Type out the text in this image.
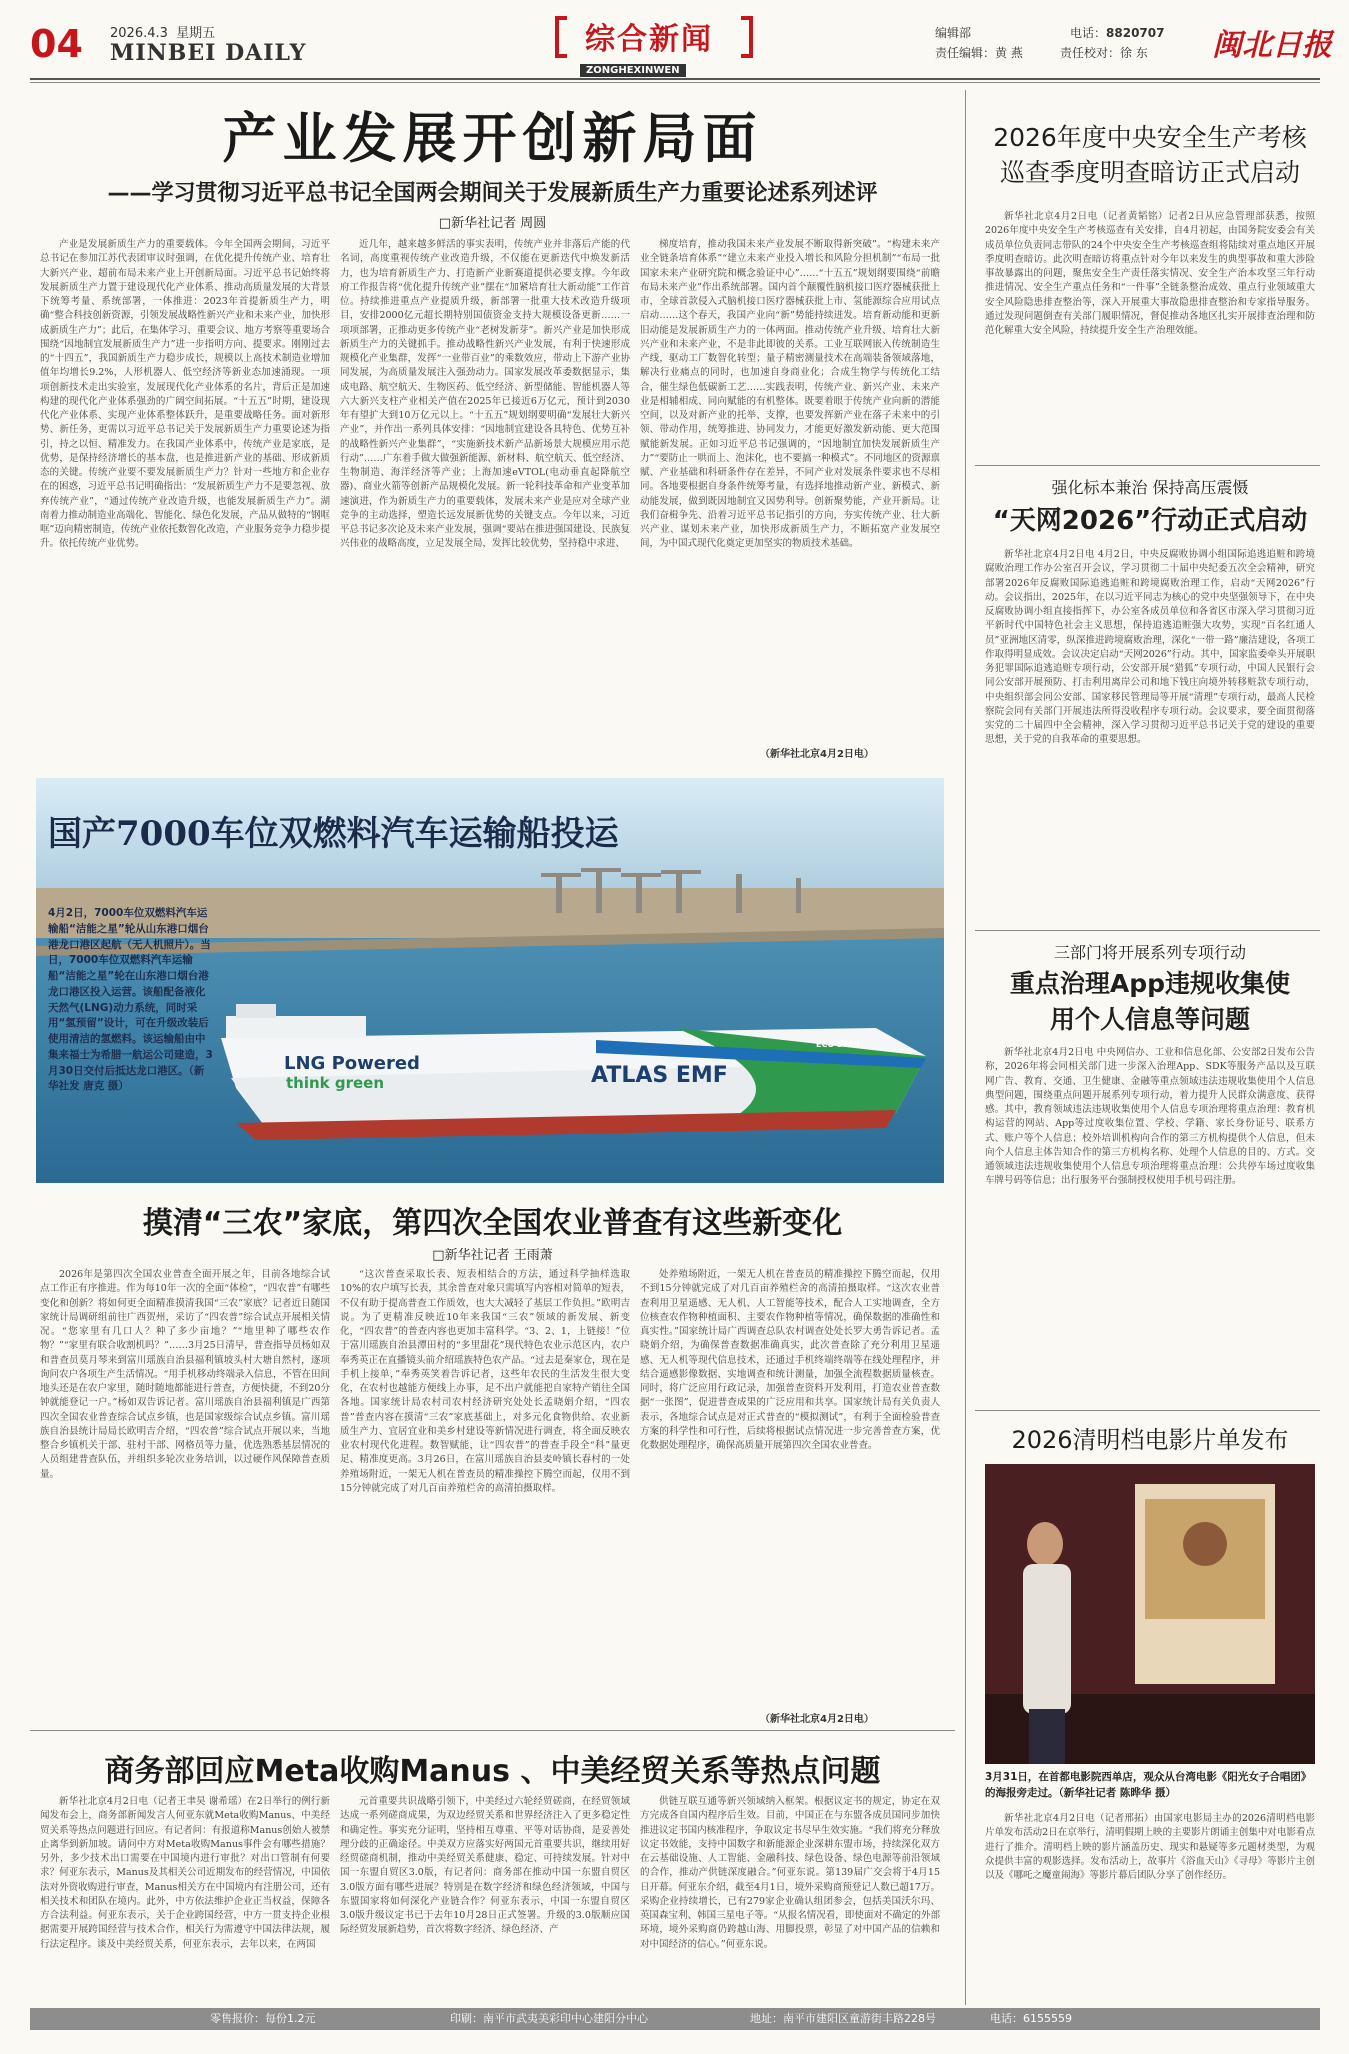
04 2026.4.3 星期五
MINBEI DAILY	综合新闻
ZONGHEXINWEN
编辑部	电话：8820707
责任编辑：黄 燕	责任校对：徐 东 闽北日报
产业发展开创新局面
——学习贯彻习近平总书记全国两会期间关于发展新质生产力重要论述系列述评
□新华社记者 周圆

产业是发展新质生产力的重要载体。今年全国两会期间，习近平总书记在参加江苏代表团审议时强调，在优化提升传统产业、培育壮大新兴产业、超前布局未来产业上开创新局面。习近平总书记始终将发展新质生产力置于建设现代化产业体系、推动高质量发展的大背景下统筹考量、系统部署，一体推进：2023年首提新质生产力，明确“整合科技创新资源，引领发展战略性新兴产业和未来产业，加快形成新质生产力”；此后，在集体学习、重要会议、地方考察等重要场合围绕“因地制宜发展新质生产力”进一步指明方向、提要求。刚刚过去的“十四五”，我国新质生产力稳步成长，规模以上高技术制造业增加值年均增长9.2%，人形机器人、低空经济等新业态加速涌现。一项项创新技术走出实验室，发展现代化产业体系的名片，背后正是加速构建的现代化产业体系强劲的广阔空间拓展。“十五五”时期，建设现代化产业体系、实现产业体系整体跃升，是重要战略任务。面对新形势、新任务，更需以习近平总书记关于发展新质生产力重要论述为指引，持之以恒、精准发力。在我国产业体系中，传统产业是家底，是优势，是保持经济增长的基本盘，也是推进新产业的基础、形成新质态的关键。传统产业要不要发展新质生产力？针对一些地方和企业存在的困惑，习近平总书记明确指出：“发展新质生产力不是要忽视、放弃传统产业”，“通过传统产业改造升级，也能发展新质生产力”。湖南着力推动制造业高端化、智能化、绿色化发展，产品从做特的“钢哐哐”迈向精密制造，传统产业依托数智化改造，产业服务竞争力稳步提升。依托传统产业优势。

近几年，越来越多鲜活的事实表明，传统产业并非落后产能的代名词，高度重视传统产业改造升级，不仅能在更新迭代中焕发新活力，也为培育新质生产力、打造新产业新赛道提供必要支撑。今年政府工作报告将“优化提升传统产业”摆在“加紧培育壮大新动能”工作首位。持续推进重点产业提质升级，新部署一批重大技术改造升级项目，安排2000亿元超长期特别国债资金支持大规模设备更新……一项项部署，正推动更多传统产业“老树发新芽”。新兴产业是加快形成新质生产力的关键抓手。推动战略性新兴产业发展，有利于快速形成规模化产业集群，发挥“一业带百业”的乘数效应，带动上下游产业协同发展，为高质量发展注入强劲动力。国家发展改革委数据显示，集成电路、航空航天、生物医药、低空经济、新型储能、智能机器人等六大新兴支柱产业相关产值在2025年已接近6万亿元，预计到2030年有望扩大到10万亿元以上。“十五五”规划纲要明确“发展壮大新兴产业”，并作出一系列具体安排：“因地制宜建设各具特色、优势互补的战略性新兴产业集群”，“实施新技术新产品新场景大规模应用示范行动”……广东着手做大做强新能源、新材料、航空航天、低空经济、生物制造、海洋经济等产业；上海加速eVTOL(电动垂直起降航空器)、商业火箭等创新产品规模化发展。新一轮科技革命和产业变革加速演进，作为新质生产力的重要载体，发展未来产业是应对全球产业竞争的主动选择，塑造长远发展新优势的关键支点。今年以来，习近平总书记多次论及未来产业发展，强调“要站在推进强国建设、民族复兴伟业的战略高度，立足发展全局，发挥比较优势，坚持稳中求进、

梯度培育，推动我国未来产业发展不断取得新突破”。“构建未来产业全链条培育体系”“建立未来产业投入增长和风险分担机制”“布局一批国家未来产业研究院和概念验证中心”……“十五五”规划纲要围绕“前瞻布局未来产业”作出系统部署。国内首个颠覆性脑机接口医疗器械获批上市，全球首款侵入式脑机接口医疗器械获批上市、氢能源综合应用试点启动……这个春天，我国产业向“新”势能持续迸发。培育新动能和更新旧动能是发展新质生产力的一体两面。推动传统产业升级、培育壮大新兴产业和未来产业，不是非此即彼的关系。工业互联网嵌入传统制造生产线，驱动工厂数智化转型；量子精密测量技术在高端装备领域落地，解决行业痛点的同时，也加速自身商业化；合成生物学与传统化工结合，催生绿色低碳新工艺……实践表明，传统产业、新兴产业、未来产业是相辅相成、同向赋能的有机整体。既要着眼于传统产业向新的潜能空间，以及对新产业的托举、支撑，也要发挥新产业在落子未来中的引领、带动作用，统筹推进、协同发力，才能更好激发新动能、更大范围赋能新发展。正如习近平总书记强调的，“因地制宜加快发展新质生产力”“要防止一哄而上、泡沫化，也不要搞一种模式”。不同地区的资源禀赋、产业基础和科研条件存在差异，不同产业对发展条件要求也不尽相同。各地要根据自身条件统筹考量，有选择地推动新产业、新模式、新动能发展，做到既因地制宜又因势利导。创新聚势能，产业开新局。让我们奋楫争先、沿着习近平总书记指引的方向，夯实传统产业、壮大新兴产业、谋划未来产业，加快形成新质生产力，不断拓宽产业发展空间，为中国式现代化奠定更加坚实的物质技术基础。

（新华社北京4月2日电）
国产7000车位双燃料汽车运输船投运
LNG Powered
think green	ATLAS EMF
ECO STAR
4月2日，7000车位双燃料汽车运输船“洁能之星”轮从山东港口烟台港龙口港区起航（无人机照片）。当日，7000车位双燃料汽车运输船“洁能之星”轮在山东港口烟台港龙口港区投入运营。该船配备液化天然气(LNG)动力系统，同时采用“氢预留”设计，可在升级改装后使用清洁的氢燃料。该运输船由中集来福士为希腊一航运公司建造，3月30日交付后抵达龙口港区。（新华社发 唐克 摄）
摸清“三农”家底，第四次全国农业普查有这些新变化
□新华社记者 王雨萧

2026年是第四次全国农业普查全面开展之年，目前各地综合试点工作正有序推进。作为每10年一次的全面“体检”，“四农普”有哪些变化和创新？将如何更全面精准摸清我国“三农”家底？记者近日随国家统计局调研组前往广西贺州，采访了“四农普”综合试点开展相关情况。“您家里有几口人？种了多少亩地？”“地里种了哪些农作物？”“家里有联合收割机吗？”……3月25日清早，普查指导员杨如双和普查员莫月琴来到富川瑶族自治县福利镇坡头村大塘自然村，逐项询问农户各项生产生活情况。“用手机移动终端录入信息，不管在田间地头还是在农户家里，随时随地都能进行普查，方便快捷，不到20分钟就能登记一户。”杨如双告诉记者。富川瑶族自治县福利镇是广西第四次全国农业普查综合试点乡镇，也是国家级综合试点乡镇。富川瑶族自治县统计局局长欧明吉介绍，“四农普”综合试点开展以来，当地整合乡镇机关干部、驻村干部、网格员等力量，优选熟悉基层情况的人员组建普查队伍，并组织多轮次业务培训，以过硬作风保障普查质量。

“这次普查采取长表、短表相结合的方法，通过科学抽样选取10%的农户填写长表，其余普查对象只需填写内容相对简单的短表，不仅有助于提高普查工作质效，也大大减轻了基层工作负担。”欧明吉说。为了更精准反映近10年来我国“三农”领域的新发展、新变化，“四农普”的普查内容也更加丰富科学。“3、2、1，上链接！”位于富川瑶族自治县潭田村的“多里甜花”现代特色农业示范区内，农户奉秀英正在直播镜头前介绍瑶族特色农产品。“过去是秦家仓，现在是手机上接单，”奉秀英笑着告诉记者，这些年农民的生活发生很大变化，在农村也越能方便线上办事，足不出户就能把自家特产销往全国各地。国家统计局农村司农村经济研究处处长孟晓娟介绍，“四农普”普查内容在摸清“三农”家底基础上，对多元化食物供给、农业新质生产力、宜居宜业和美乡村建设等新情况进行调查，将全面反映农业农村现代化进程。数智赋能，让“四农普”的普查手段全“科”量更足、精准度更高。3月26日，在富川瑶族自治县麦岭镇长春村的一处养殖场附近，一架无人机在普查员的精准操控下腾空而起，仅用不到15分钟就完成了对几百亩养殖栏舍的高清拍摄取样。

处养殖场附近，一架无人机在普查员的精准操控下腾空而起，仅用不到15分钟就完成了对几百亩养殖栏舍的高清拍摄取样。“这次农业普查利用卫星遥感、无人机、人工智能等技术，配合人工实地调查，全方位核查农作物种植面积、主要农作物种植等情况，确保数据的准确性和真实性。”国家统计局广西调查总队农村调查处处长罗大勇告诉记者。孟晓娟介绍，为确保普查数据准确真实，此次普查除了充分利用卫星遥感、无人机等现代信息技术，还通过手机终端终端等在线处理程序，并结合遥感影像数据、实地调查和统计测量，加强全流程数据质量核查。同时，将广泛应用行政记录，加强普查资料开发利用，打造农业普查数据“一张图”，促进普查成果的广泛应用和共享。国家统计局有关负责人表示，各地综合试点是对正式普查的“模拟测试”，有利于全面检验普查方案的科学性和可行性，后续将根据试点情况进一步完善普查方案，优化数据处理程序，确保高质量开展第四次全国农业普查。

（新华社北京4月2日电）
商务部回应Meta收购Manus 、中美经贸关系等热点问题

新华社北京4月2日电（记者王聿昊 谢希瑶）在2日举行的例行新闻发布会上，商务部新闻发言人何亚东就Meta收购Manus、中美经贸关系等热点问题进行回应。有记者问：有报道称Manus创始人被禁止离华到新加坡。请问中方对Meta收购Manus事件会有哪些措施？另外，多少技术出口需要在中国境内进行审批？对出口管制有何要求？何亚东表示，Manus及其相关公司近期发布的经营情况，中国依法对外资收购进行审查，Manus相关方在中国境内有注册公司，还有相关技术和团队在境内。此外，中方依法维护企业正当权益，保障各方合法利益。何亚东表示，关于企业跨国经营，中方一贯支持企业根据需要开展跨国经营与技术合作，相关行为需遵守中国法律法规，履行法定程序。谈及中美经贸关系，何亚东表示，去年以来，在两国

元首重要共识战略引领下，中美经过六轮经贸磋商，在经贸领域达成一系列磋商成果，为双边经贸关系和世界经济注入了更多稳定性和确定性。事实充分证明，坚持相互尊重、平等对话协商，是妥善处理分歧的正确途径。中美双方应落实好两国元首重要共识，继续用好经贸磋商机制，推动中美经贸关系健康、稳定、可持续发展。针对中国一东盟自贸区3.0版，有记者问：商务部在推动中国一东盟自贸区3.0版方面有哪些进展？特别是在数字经济和绿色经济领域，中国与东盟国家将如何深化产业链合作？何亚东表示，中国一东盟自贸区3.0版升级议定书已于去年10月28日正式签署。升级的3.0版顺应国际经贸发展新趋势，首次将数字经济、绿色经济、产

供链互联互通等新兴领域纳入框架。根据议定书的规定，协定在双方完成各自国内程序后生效。目前，中国正在与东盟各成员国同步加快推进议定书国内核准程序，争取议定书尽早生效实施。“我们将充分释放议定书效能，支持中国数字和新能源企业深耕东盟市场，持续深化双方在云基础设施、人工智能、金融科技、绿色设备、绿色电源等前沿领域的合作，推动产供链深度融合。”何亚东说。第139届广交会将于4月15日开幕。何亚东介绍，截至4月1日，境外采购商预登记人数已超17万。采购企业持续增长，已有279家企业确认组团参会，包括美国沃尔玛、英国森宝利、韩国三星电子等。“从报名情况看，即使面对不确定的外部环境，境外采购商仍跨越山海、用脚投票，彰显了对中国产品的信赖和对中国经济的信心。”何亚东说。

2026年度中央安全生产考核巡查季度明查暗访正式启动

新华社北京4月2日电（记者黄韬铭）记者2日从应急管理部获悉，按照2026年度中央安全生产考核巡查有关安排，自4月初起，由国务院安委会有关成员单位负责同志带队的24个中央安全生产考核巡查组将陆续对重点地区开展季度明查暗访。此次明查暗访将重点针对今年以来发生的典型事故和重大涉险事故暴露出的问题，聚焦安全生产责任落实情况、安全生产治本攻坚三年行动推进情况、安全生产重点任务和“一件事”全链条整治成效、重点行业领域重大安全风险隐患排查整治等，深入开展重大事故隐患排查整治和专家指导服务。通过发现问题倒查有关部门履职情况，督促推动各地区扎实开展排查治理和防范化解重大安全风险，持续提升安全生产治理效能。

强化标本兼治 保持高压震慑
“天网2026”行动正式启动

新华社北京4月2日电 4月2日，中央反腐败协调小组国际追逃追赃和跨境腐败治理工作办公室召开会议，学习贯彻二十届中央纪委五次全会精神，研究部署2026年反腐败国际追逃追赃和跨境腐败治理工作，启动“天网2026”行动。会议指出，2025年，在以习近平同志为核心的党中央坚强领导下，在中央反腐败协调小组直接指挥下，办公室各成员单位和各省区市深入学习贯彻习近平新时代中国特色社会主义思想，保持追逃追赃强大攻势，实现“百名红通人员”亚洲地区清零，纵深推进跨境腐败治理，深化“一带一路”廉洁建设，各项工作取得明显成效。会议决定启动“天网2026”行动。其中，国家监委牵头开展职务犯罪国际追逃追赃专项行动，公安部开展“猎狐”专项行动，中国人民银行会同公安部开展预防、打击利用离岸公司和地下钱庄向境外转移赃款专项行动，中央组织部会同公安部、国家移民管理局等开展“清理”专项行动，最高人民检察院会同有关部门开展违法所得没收程序专项行动。会议要求，要全面贯彻落实党的二十届四中全会精神，深入学习贯彻习近平总书记关于党的建设的重要思想，关于党的自我革命的重要思想。

三部门将开展系列专项行动
重点治理App违规收集使用个人信息等问题

新华社北京4月2日电 中央网信办、工业和信息化部、公安部2日发布公告称，2026年将会同相关部门进一步深入治理App、SDK等服务产品以及互联网广告、教育、交通、卫生健康、金融等重点领域违法违规收集使用个人信息典型问题，围绕重点问题开展系列专项行动，着力提升人民群众满意度、获得感。其中，教育领域违法违规收集使用个人信息专项治理将重点治理：教育机构运营的网站、App等过度收集位置、学校、学籍、家长身份证号、联系方式、账户等个人信息；校外培训机构向合作的第三方机构提供个人信息，但未向个人信息主体告知合作的第三方机构名称、处理个人信息的目的、方式。交通领域违法违规收集使用个人信息专项治理将重点治理：公共停车场过度收集车牌号码等信息；出行服务平台强制授权使用手机号码注册。

2026清明档电影片单发布
3月31日，在首都电影院西单店，观众从台湾电影《阳光女子合唱团》的海报旁走过。（新华社记者 陈晔华 摄）

新华社北京4月2日电（记者邢拓）由国家电影局主办的2026清明档电影片单发布活动2日在京举行，清明假期上映的主要影片朗诵主创集中对电影看点进行了推介。清明档上映的影片涵盖历史、现实和悬疑等多元题材类型，为观众提供丰富的观影选择。发布活动上，故事片《浴血天山》《寻母》等影片主创以及《哪吒之魔童闹海》等影片幕后团队分享了创作经历。

零售报价：每份1.2元	印刷：南平市武夷美彩印中心建阳分中心	地址：南平市建阳区童游街丰路228号	电话：6155559
